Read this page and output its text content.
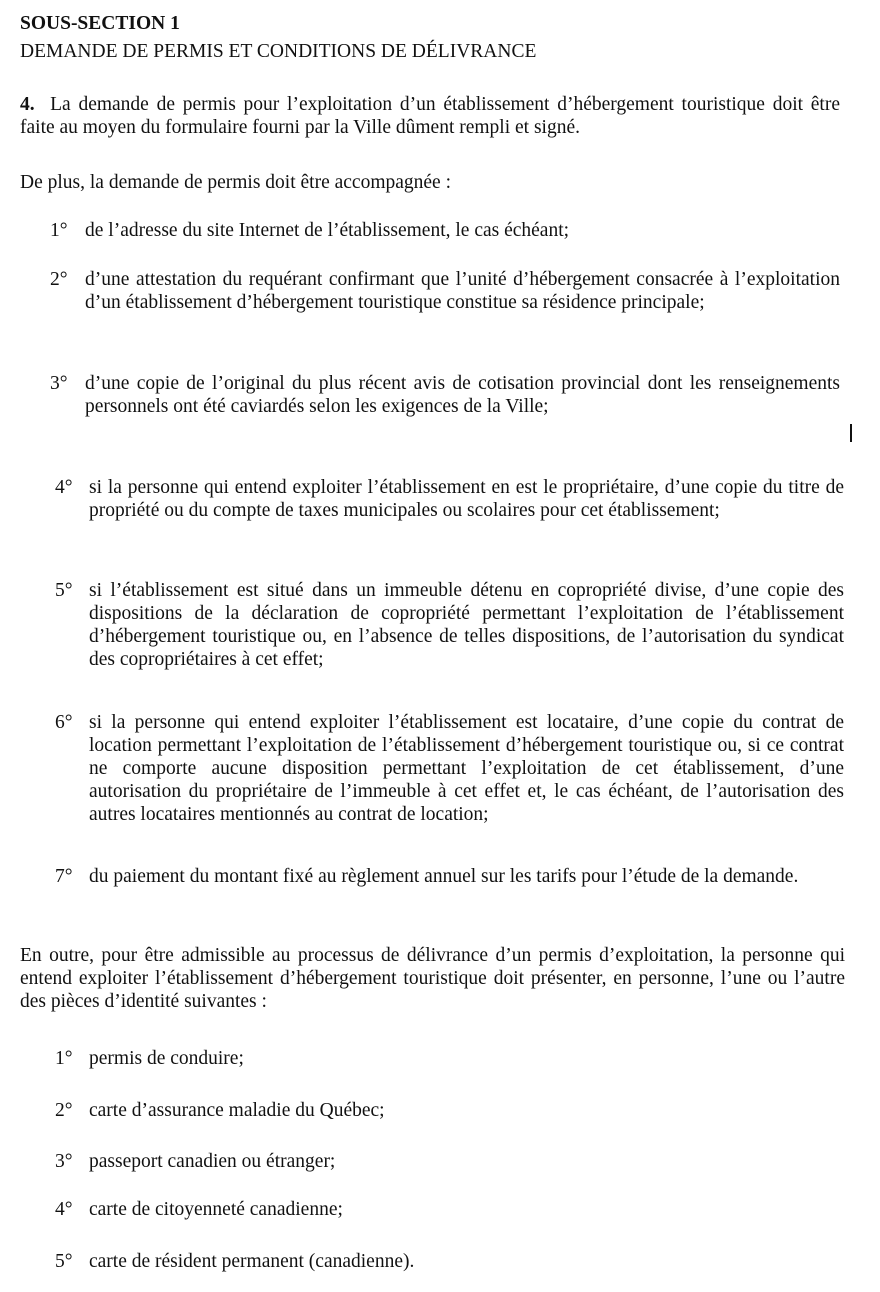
SOUS-SECTION 1

DEMANDE DE PERMIS ET CONDITIONS DE DÉLIVRANCE

4. La demande de permis pour l’exploitation d’un établissement d’hébergement touristique doit être faite au moyen du formulaire fourni par la Ville dûment rempli et signé.

De plus, la demande de permis doit être accompagnée :

1° de l’adresse du site Internet de l’établissement, le cas échéant;
2° d’une attestation du requérant confirmant que l’unité d’hébergement consacrée à l’exploitation d’un établissement d’hébergement touristique constitue sa résidence principale;
3° d’une copie de l’original du plus récent avis de cotisation provincial dont les renseignements personnels ont été caviardés selon les exigences de la Ville;
4° si la personne qui entend exploiter l’établissement en est le propriétaire, d’une copie du titre de propriété ou du compte de taxes municipales ou scolaires pour cet établissement;
5° si l’établissement est situé dans un immeuble détenu en copropriété divise, d’une copie des dispositions de la déclaration de copropriété permettant l’exploitation de l’établissement d’hébergement touristique ou, en l’absence de telles dispositions, de l’autorisation du syndicat des copropriétaires à cet effet;
6° si la personne qui entend exploiter l’établissement est locataire, d’une copie du contrat de location permettant l’exploitation de l’établissement d’hébergement touristique ou, si ce contrat ne comporte aucune disposition permettant l’exploitation de cet établissement, d’une autorisation du propriétaire de l’immeuble à cet effet et, le cas échéant, de l’autorisation des autres locataires mentionnés au contrat de location;
7° du paiement du montant fixé au règlement annuel sur les tarifs pour l’étude de la demande.

En outre, pour être admissible au processus de délivrance d’un permis d’exploitation, la personne qui entend exploiter l’établissement d’hébergement touristique doit présenter, en personne, l’une ou l’autre des pièces d’identité suivantes :

1° permis de conduire;
2° carte d’assurance maladie du Québec;
3° passeport canadien ou étranger;
4° carte de citoyenneté canadienne;
5° carte de résident permanent (canadienne).
